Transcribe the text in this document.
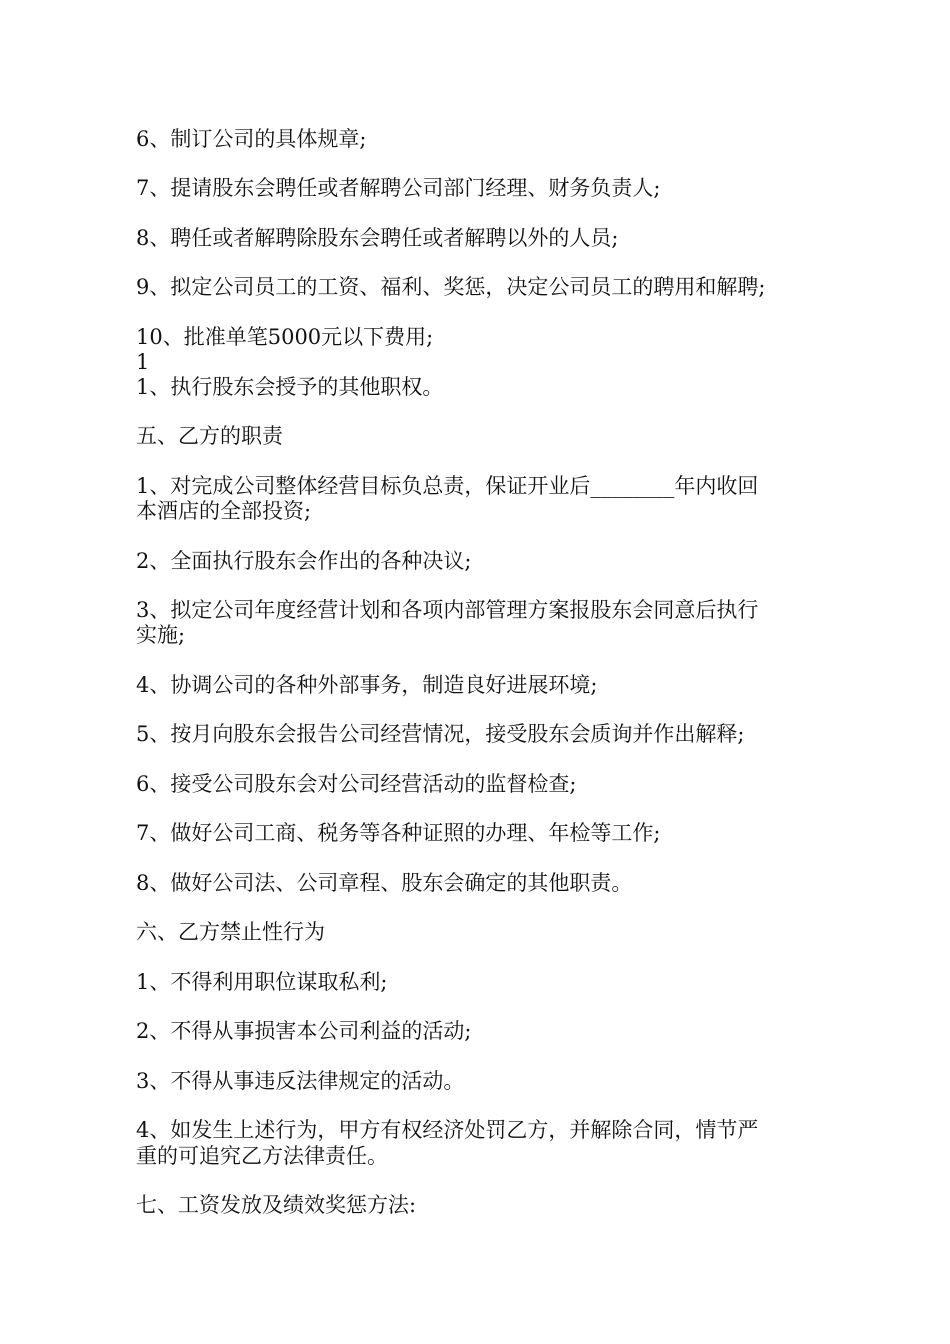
6、制订公司的具体规章;

7、提请股东会聘任或者解聘公司部门经理、财务负责人;

8、聘任或者解聘除股东会聘任或者解聘以外的人员;

9、拟定公司员工的工资、福利、奖惩，决定公司员工的聘用和解聘;

10、批准单笔5000元以下费用;

1

1、执行股东会授予的其他职权。

五、乙方的职责

1、对完成公司整体经营目标负总责，保证开业后________年内收回

本酒店的全部投资;

2、全面执行股东会作出的各种决议;

3、拟定公司年度经营计划和各项内部管理方案报股东会同意后执行

实施;

4、协调公司的各种外部事务，制造良好进展环境;

5、按月向股东会报告公司经营情况，接受股东会质询并作出解释;

6、接受公司股东会对公司经营活动的监督检查;

7、做好公司工商、税务等各种证照的办理、年检等工作;

8、做好公司法、公司章程、股东会确定的其他职责。

六、乙方禁止性行为

1、不得利用职位谋取私利;

2、不得从事损害本公司利益的活动;

3、不得从事违反法律规定的活动。

4、如发生上述行为，甲方有权经济处罚乙方，并解除合同，情节严

重的可追究乙方法律责任。

七、工资发放及绩效奖惩方法:
